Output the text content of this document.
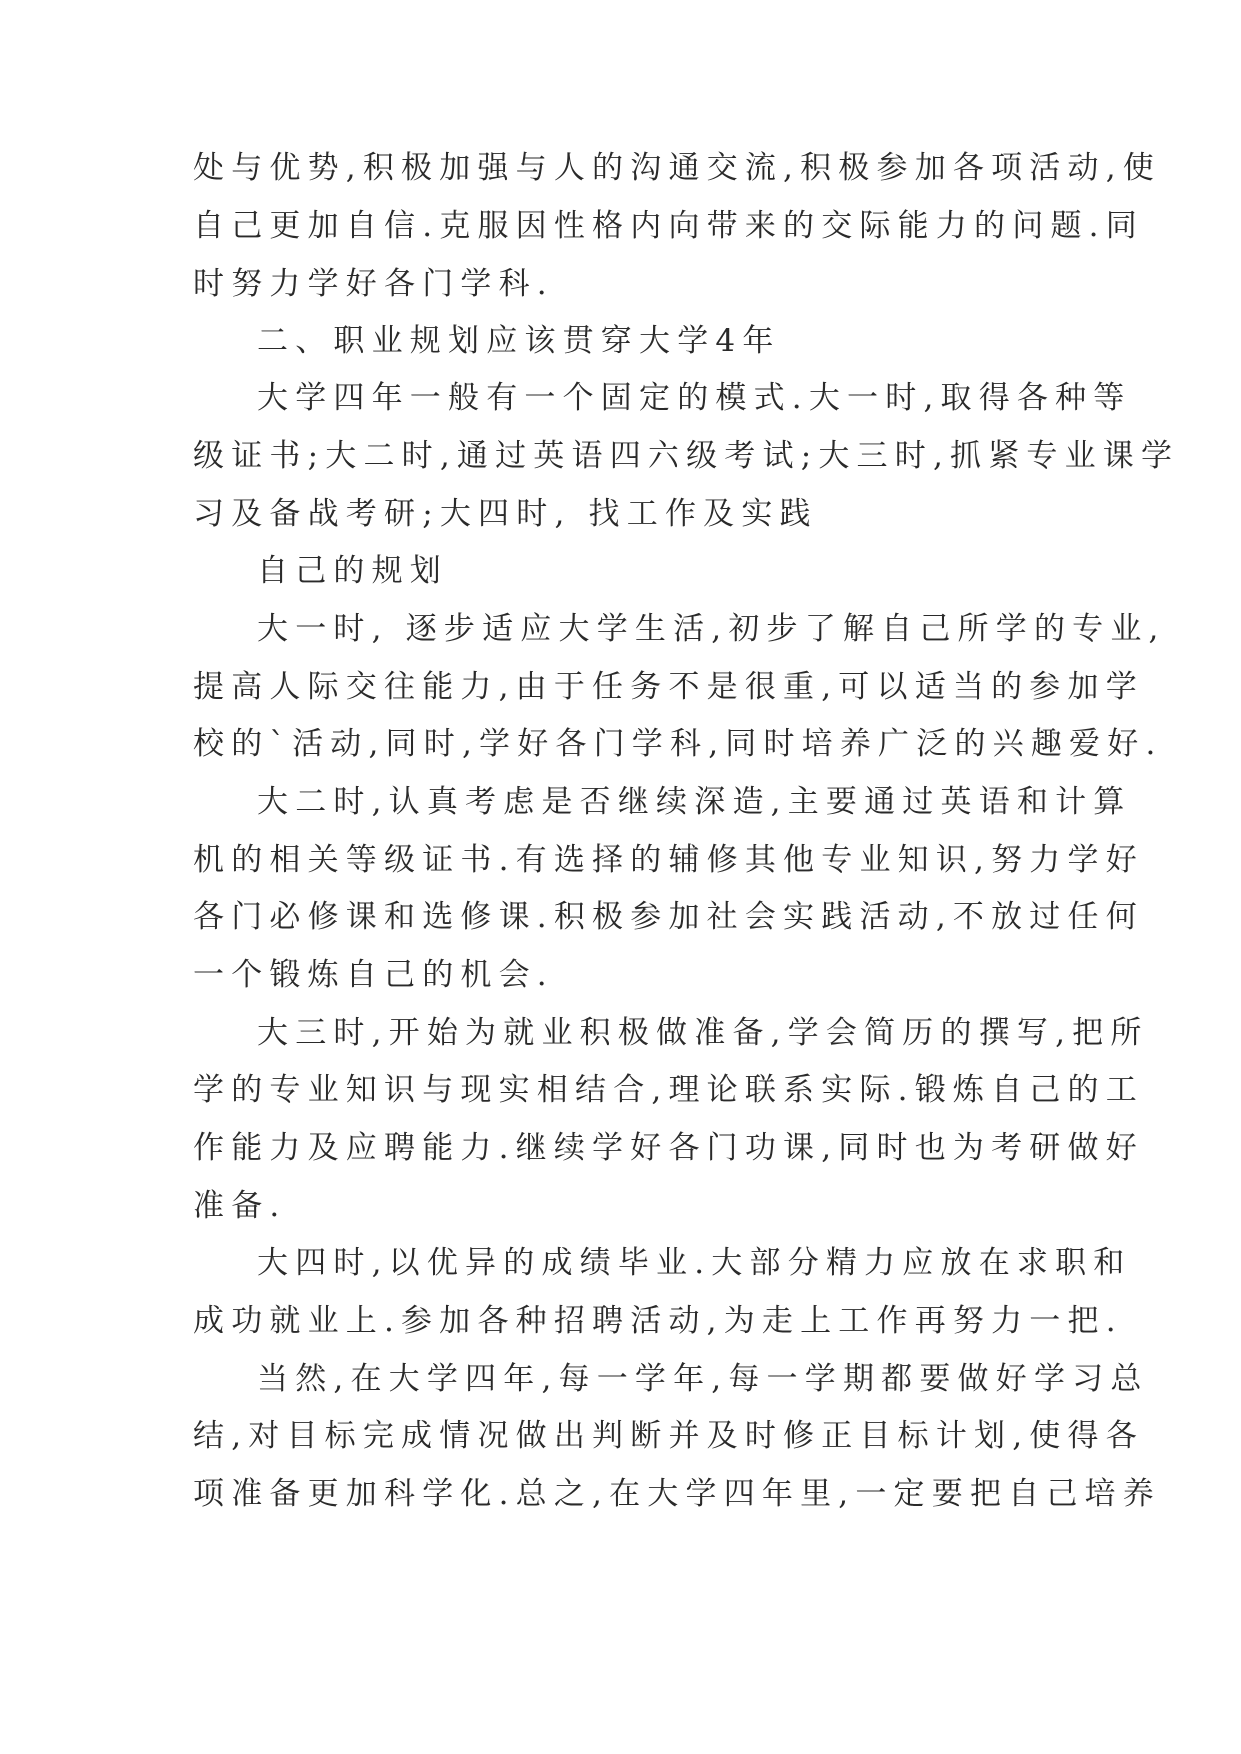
处与优势,积极加强与人的沟通交流,积极参加各项活动,使
自己更加自信.克服因性格内向带来的交际能力的问题.同
时努力学好各门学科.
二、职业规划应该贯穿大学4年
大学四年一般有一个固定的模式.大一时,取得各种等
级证书;大二时,通过英语四六级考试;大三时,抓紧专业课学
习及备战考研;大四时, 找工作及实践
自己的规划
大一时, 逐步适应大学生活,初步了解自己所学的专业,
提高人际交往能力,由于任务不是很重,可以适当的参加学
校的`活动,同时,学好各门学科,同时培养广泛的兴趣爱好.
大二时,认真考虑是否继续深造,主要通过英语和计算
机的相关等级证书.有选择的辅修其他专业知识,努力学好
各门必修课和选修课.积极参加社会实践活动,不放过任何
一个锻炼自己的机会.
大三时,开始为就业积极做准备,学会简历的撰写,把所
学的专业知识与现实相结合,理论联系实际.锻炼自己的工
作能力及应聘能力.继续学好各门功课,同时也为考研做好
准备.
大四时,以优异的成绩毕业.大部分精力应放在求职和
成功就业上.参加各种招聘活动,为走上工作再努力一把.
当然,在大学四年,每一学年,每一学期都要做好学习总
结,对目标完成情况做出判断并及时修正目标计划,使得各
项准备更加科学化.总之,在大学四年里,一定要把自己培养
